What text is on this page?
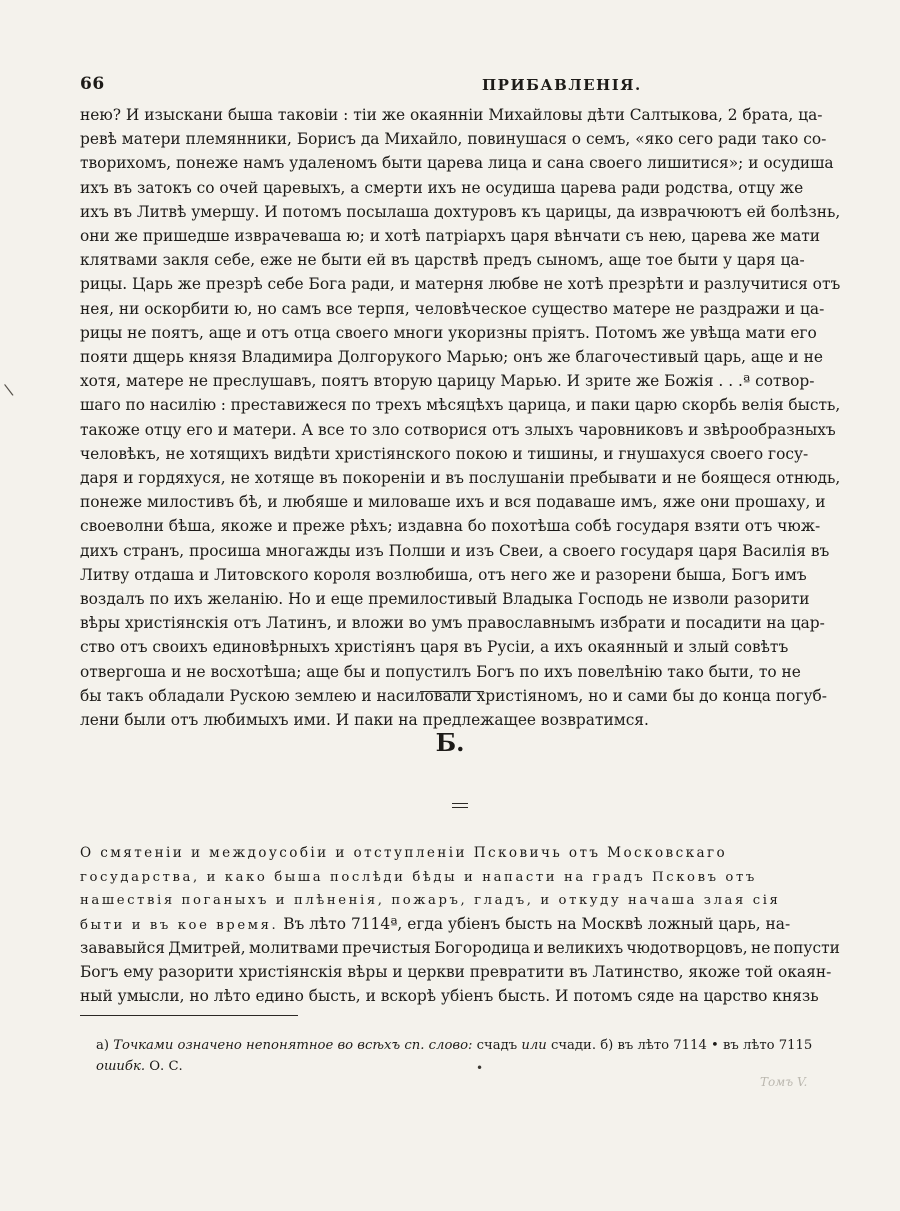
66	ПРИБАВЛЕНІЯ.
\
нею? И изыскани быша таковіи : тіи же окаянніи Михайловы дѣти Салтыкова, 2 брата, ца-
ревѣ матери племянники, Борисъ да Михайло, повинушася о семъ, «яко сего ради тако со-
творихомъ, понеже намъ удаленомъ быти царева лица и сана своего лишитися»; и осудиша
ихъ въ затокъ со очей царевыхъ, а смерти ихъ не осудиша царева ради родства, отцу же
ихъ въ Литвѣ умершу. И потомъ посылаша дохтуровъ къ царицы, да изврачюютъ ей болѣзнь,
они же пришедше изврачеваша ю; и хотѣ патріархъ царя вѣнчати съ нею, царева же мати
клятвами закля себе, еже не быти ей въ царствѣ предъ сыномъ, аще тое быти у царя ца-
рицы. Царь же презрѣ себе Бога ради, и матерня любве не хотѣ презрѣти и разлучитися отъ
нея, ни оскорбити ю, но самъ все терпя, человѣческое существо матере не раздражи и ца-
рицы не поятъ, аще и отъ отца своего многи укоризны пріятъ. Потомъ же увѣща мати его
пояти дщерь князя Владимира Долгорукого Марью; онъ же благочестивый царь, аще и не
хотя, матере не преслушавъ, поятъ вторую царицу Марью. И зрите же Божія . . .ª сотвор-
шаго по насилію : преставижеся по трехъ мѣсяцѣхъ царица, и паки царю скорбь велія бысть,
такоже отцу его и матери. А все то зло сотворися отъ злыхъ чаровниковъ и звѣрообразныхъ
человѣкъ, не хотящихъ видѣти христіянского покою и тишины, и гнушахуся своего госу-
даря и гордяхуся, не хотяще въ покореніи и въ послушаніи пребывати и не боящеся отнюдь,
понеже милостивъ бѣ, и любяше и миловаше ихъ и вся подаваше имъ, яже они прошаху, и
своеволни бѣша, якоже и преже рѣхъ; издавна бо похотѣша собѣ государя взяти отъ чюж-
дихъ странъ, просиша многажды изъ Полши и изъ Свеи, а своего государя царя Василія въ
Литву отдаша и Литовского короля возлюбиша, отъ него же и разорени быша, Богъ имъ
воздалъ по ихъ желанію. Но и еще премилостивый Владыка Господь не изволи разорити
вѣры христіянскія отъ Латинъ, и вложи во умъ православнымъ избрати и посадити на цар-
ство отъ своихъ единовѣрныхъ христіянъ царя въ Русіи, а ихъ окаянный и злый совѣтъ
отвергоша и не восхотѣша; аще бы и попустилъ Богъ по ихъ повелѣнію тако быти, то не
бы такъ обладали Рускою землею и насиловали христіяномъ, но и сами бы до конца погуб-
лени были отъ любимыхъ ими. И паки на предлежащее возвратимся.
Б.
О смятеніи и междоусобіи и отступленіи Псковичь отъ Московскаго
государства, и како быша послѣди бѣды и напасти на градъ Псковъ отъ
нашествія поганыхъ и плѣненія, пожаръ, гладъ, и откуду начаша злая сія
быти и въ кое время. Въ лѣто 7114ª, егда убіенъ бысть на Москвѣ ложный царь, на-
зававыйся Дмитрей, молитвами пречистыя Богородица и великихъ чюдотворцовъ, не попусти
Богъ ему разорити христіянскія вѣры и церкви превратити въ Латинство, якоже той окаян-
ный умысли, но лѣто едино бысть, и вскорѣ убіенъ бысть. И потомъ сяде на царство князь
а) Точками означено непонятное во всѣхъ сп. слово: счадъ или счади. б) въ лѣто 7114 • въ лѣто 7115
ошибк. О. С.	•
Томъ V.
